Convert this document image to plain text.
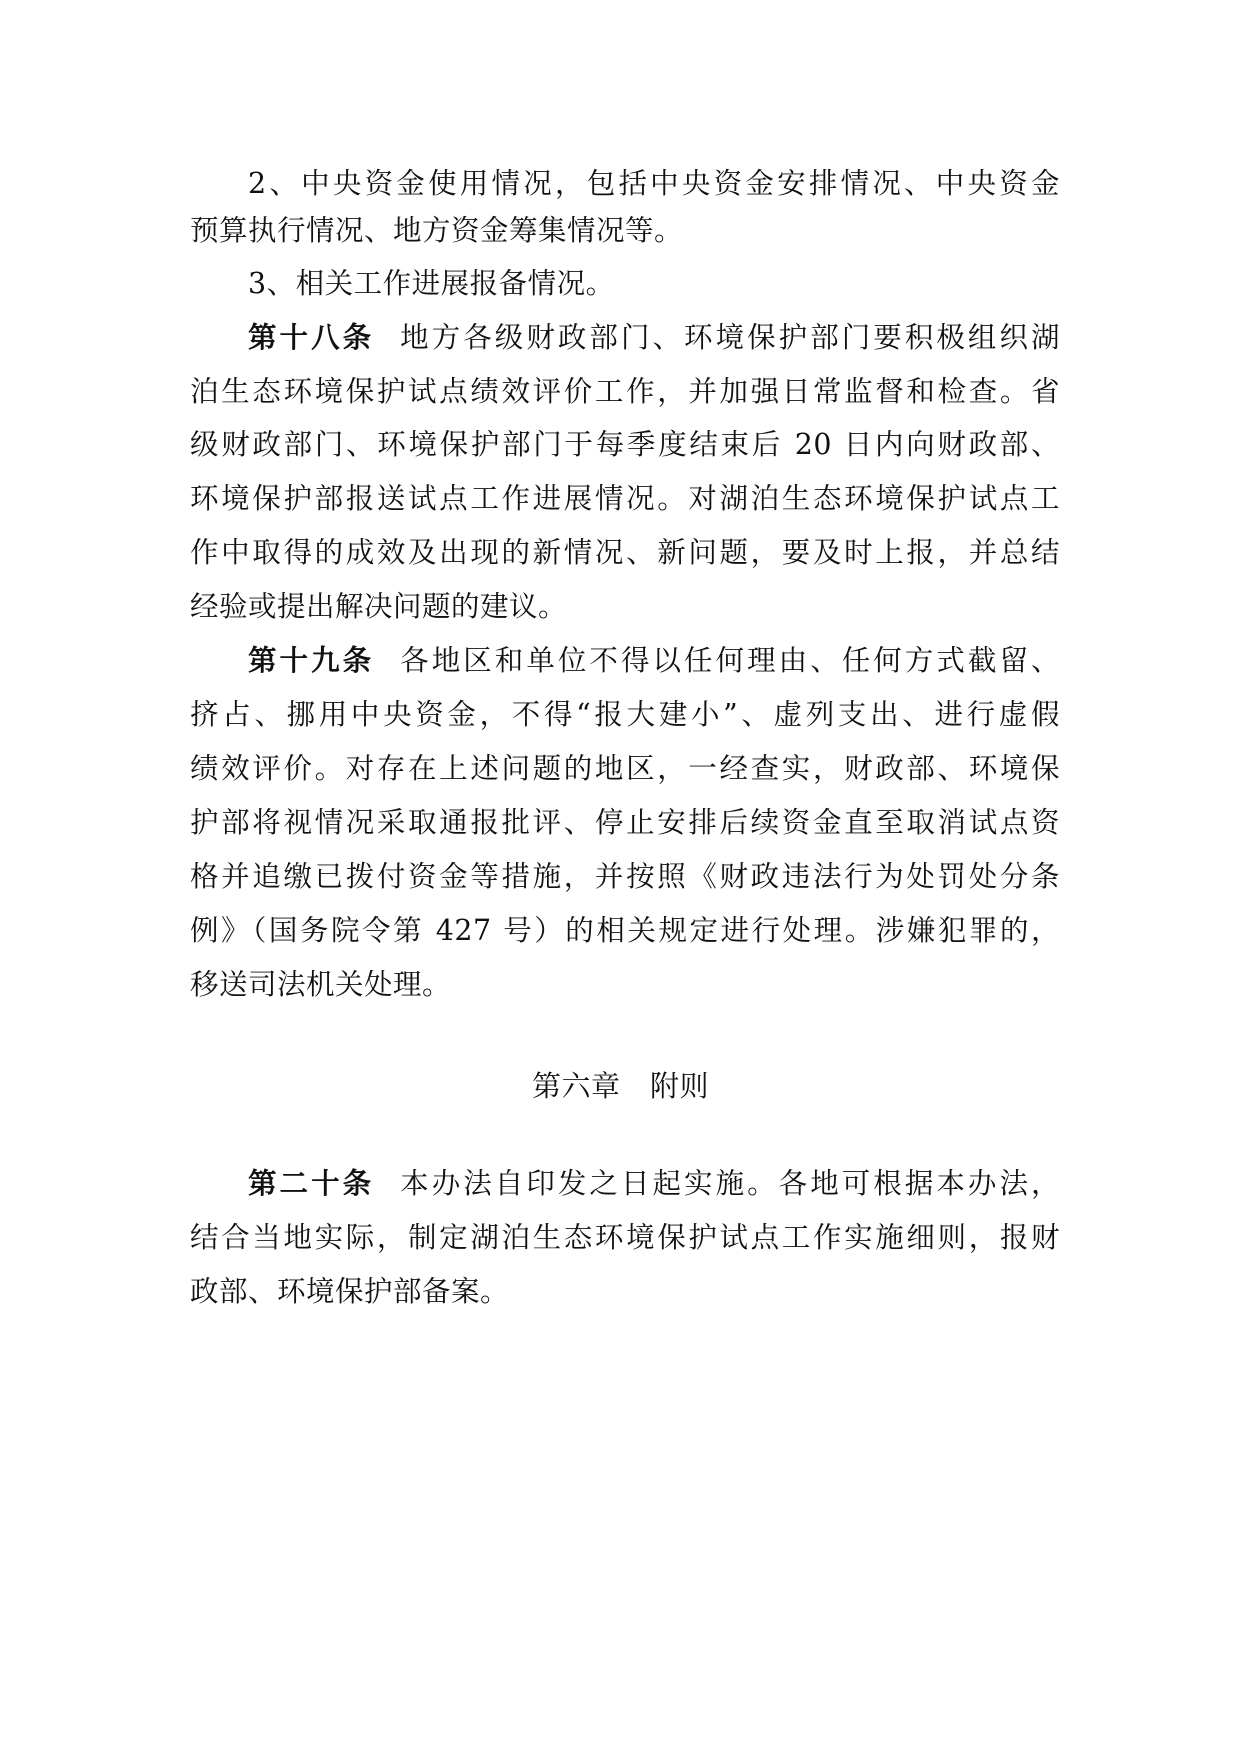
2、中央资金使用情况，包括中央资金安排情况、中央资金
预算执行情况、地方资金筹集情况等。
3、相关工作进展报备情况。
第十八条 地方各级财政部门、环境保护部门要积极组织湖
泊生态环境保护试点绩效评价工作，并加强日常监督和检查。省
级财政部门、环境保护部门于每季度结束后 20 日内向财政部、
环境保护部报送试点工作进展情况。对湖泊生态环境保护试点工
作中取得的成效及出现的新情况、新问题，要及时上报，并总结
经验或提出解决问题的建议。
第十九条 各地区和单位不得以任何理由、任何方式截留、
挤占、挪用中央资金，不得“报大建小”、虚列支出、进行虚假
绩效评价。对存在上述问题的地区，一经查实，财政部、环境保
护部将视情况采取通报批评、停止安排后续资金直至取消试点资
格并追缴已拨付资金等措施，并按照《财政违法行为处罚处分条
例》（国务院令第 427 号）的相关规定进行处理。涉嫌犯罪的，
移送司法机关处理。
第六章　附则
第二十条 本办法自印发之日起实施。各地可根据本办法，
结合当地实际，制定湖泊生态环境保护试点工作实施细则，报财
政部、环境保护部备案。
